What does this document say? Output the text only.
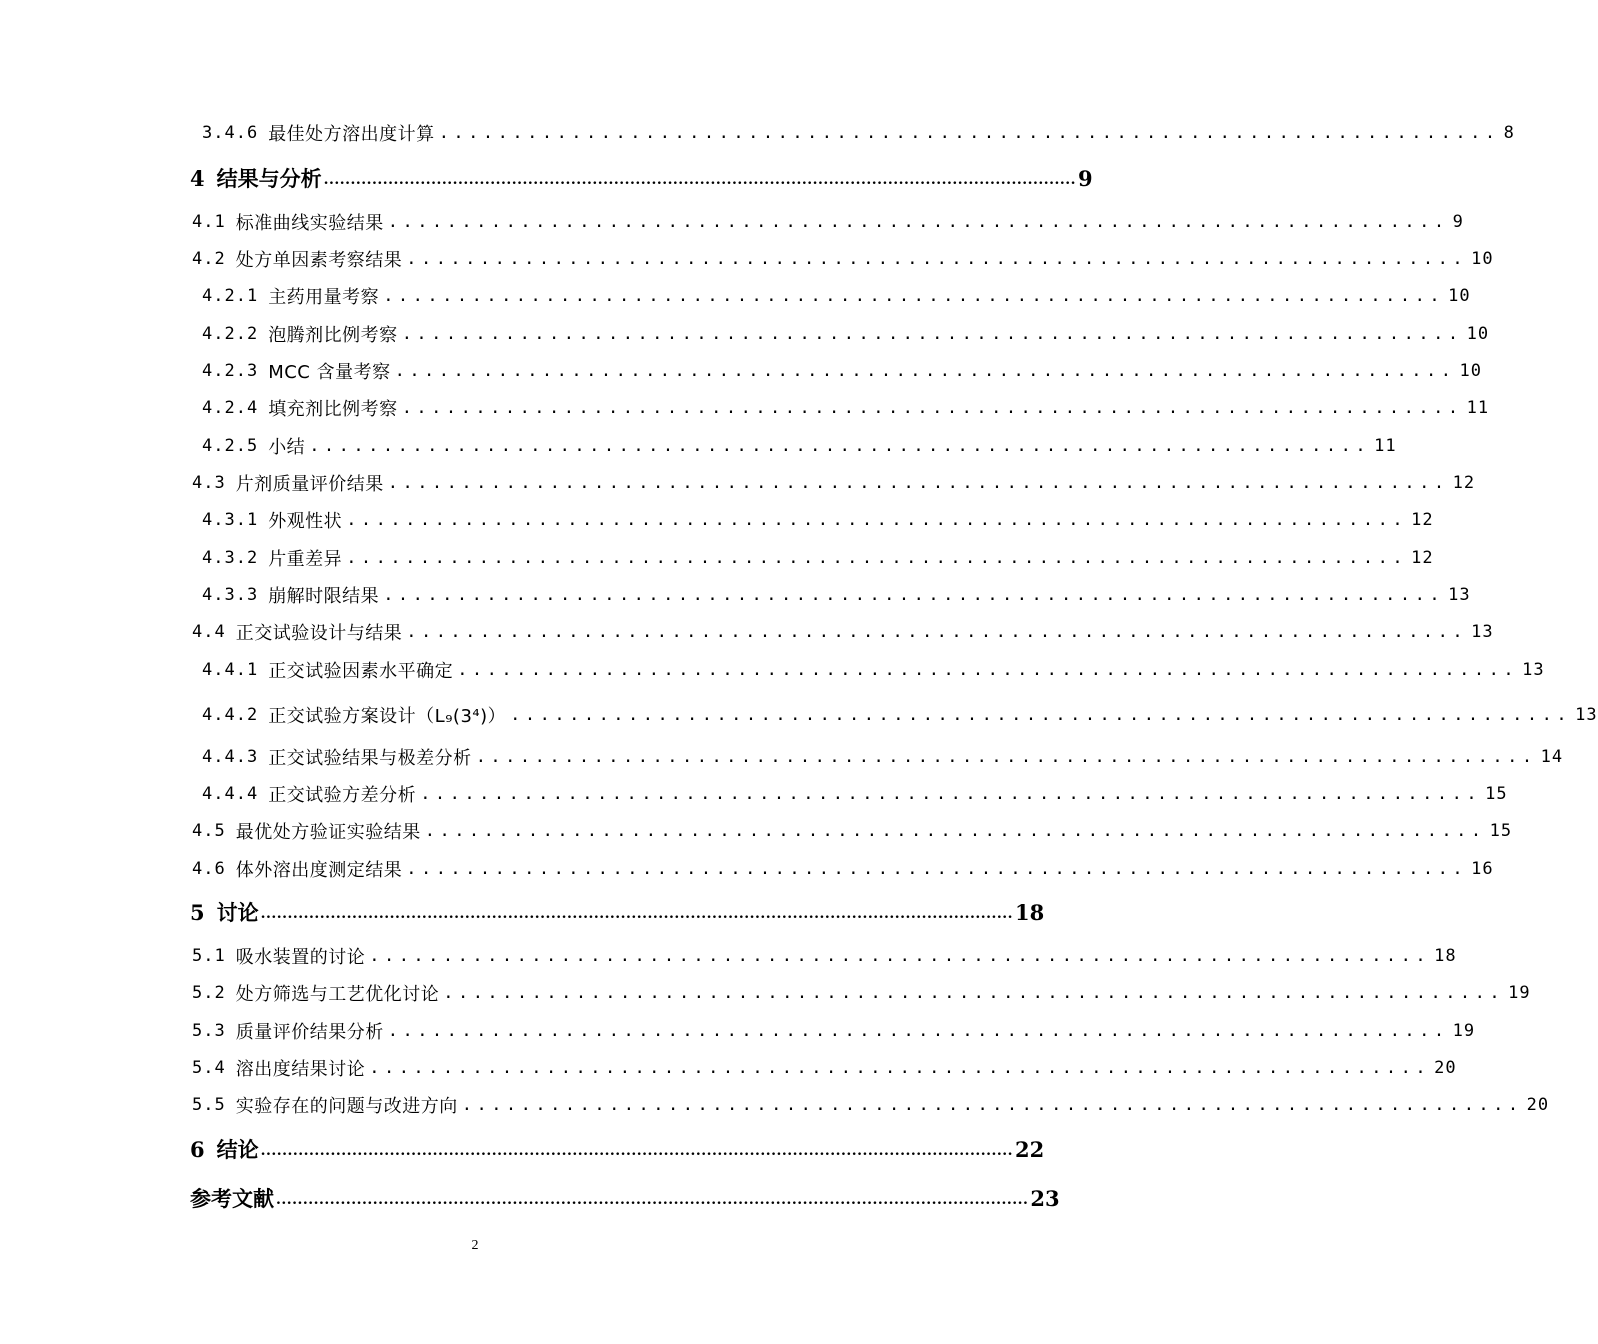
3.4.6 最佳处方溶出度计算 ........................................................................ 8
4 结果与分析 ............................................................................................................................................ 9
4.1 标准曲线实验结果 ........................................................................ 9
4.2 处方单因素考察结果 ........................................................................ 10
4.2.1 主药用量考察 ........................................................................ 10
4.2.2 泡腾剂比例考察 ........................................................................ 10
4.2.3 MCC 含量考察 ........................................................................ 10
4.2.4 填充剂比例考察 ........................................................................ 11
4.2.5 小结 ........................................................................ 11
4.3 片剂质量评价结果 ........................................................................ 12
4.3.1 外观性状 ........................................................................ 12
4.3.2 片重差异 ........................................................................ 12
4.3.3 崩解时限结果 ........................................................................ 13
4.4 正交试验设计与结果 ........................................................................ 13
4.4.1 正交试验因素水平确定 ........................................................................ 13
4.4.2 正交试验方案设计（L₉(3⁴)） ........................................................................ 13
4.4.3 正交试验结果与极差分析 ........................................................................ 14
4.4.4 正交试验方差分析 ........................................................................ 15
4.5 最优处方验证实验结果 ........................................................................ 15
4.6 体外溶出度测定结果 ........................................................................ 16
5 讨论 ............................................................................................................................................ 18
5.1 吸水装置的讨论 ........................................................................ 18
5.2 处方筛选与工艺优化讨论 ........................................................................ 19
5.3 质量评价结果分析 ........................................................................ 19
5.4 溶出度结果讨论 ........................................................................ 20
5.5 实验存在的问题与改进方向 ........................................................................ 20
6 结论 ............................................................................................................................................ 22
参考文献 ............................................................................................................................................ 23
2
